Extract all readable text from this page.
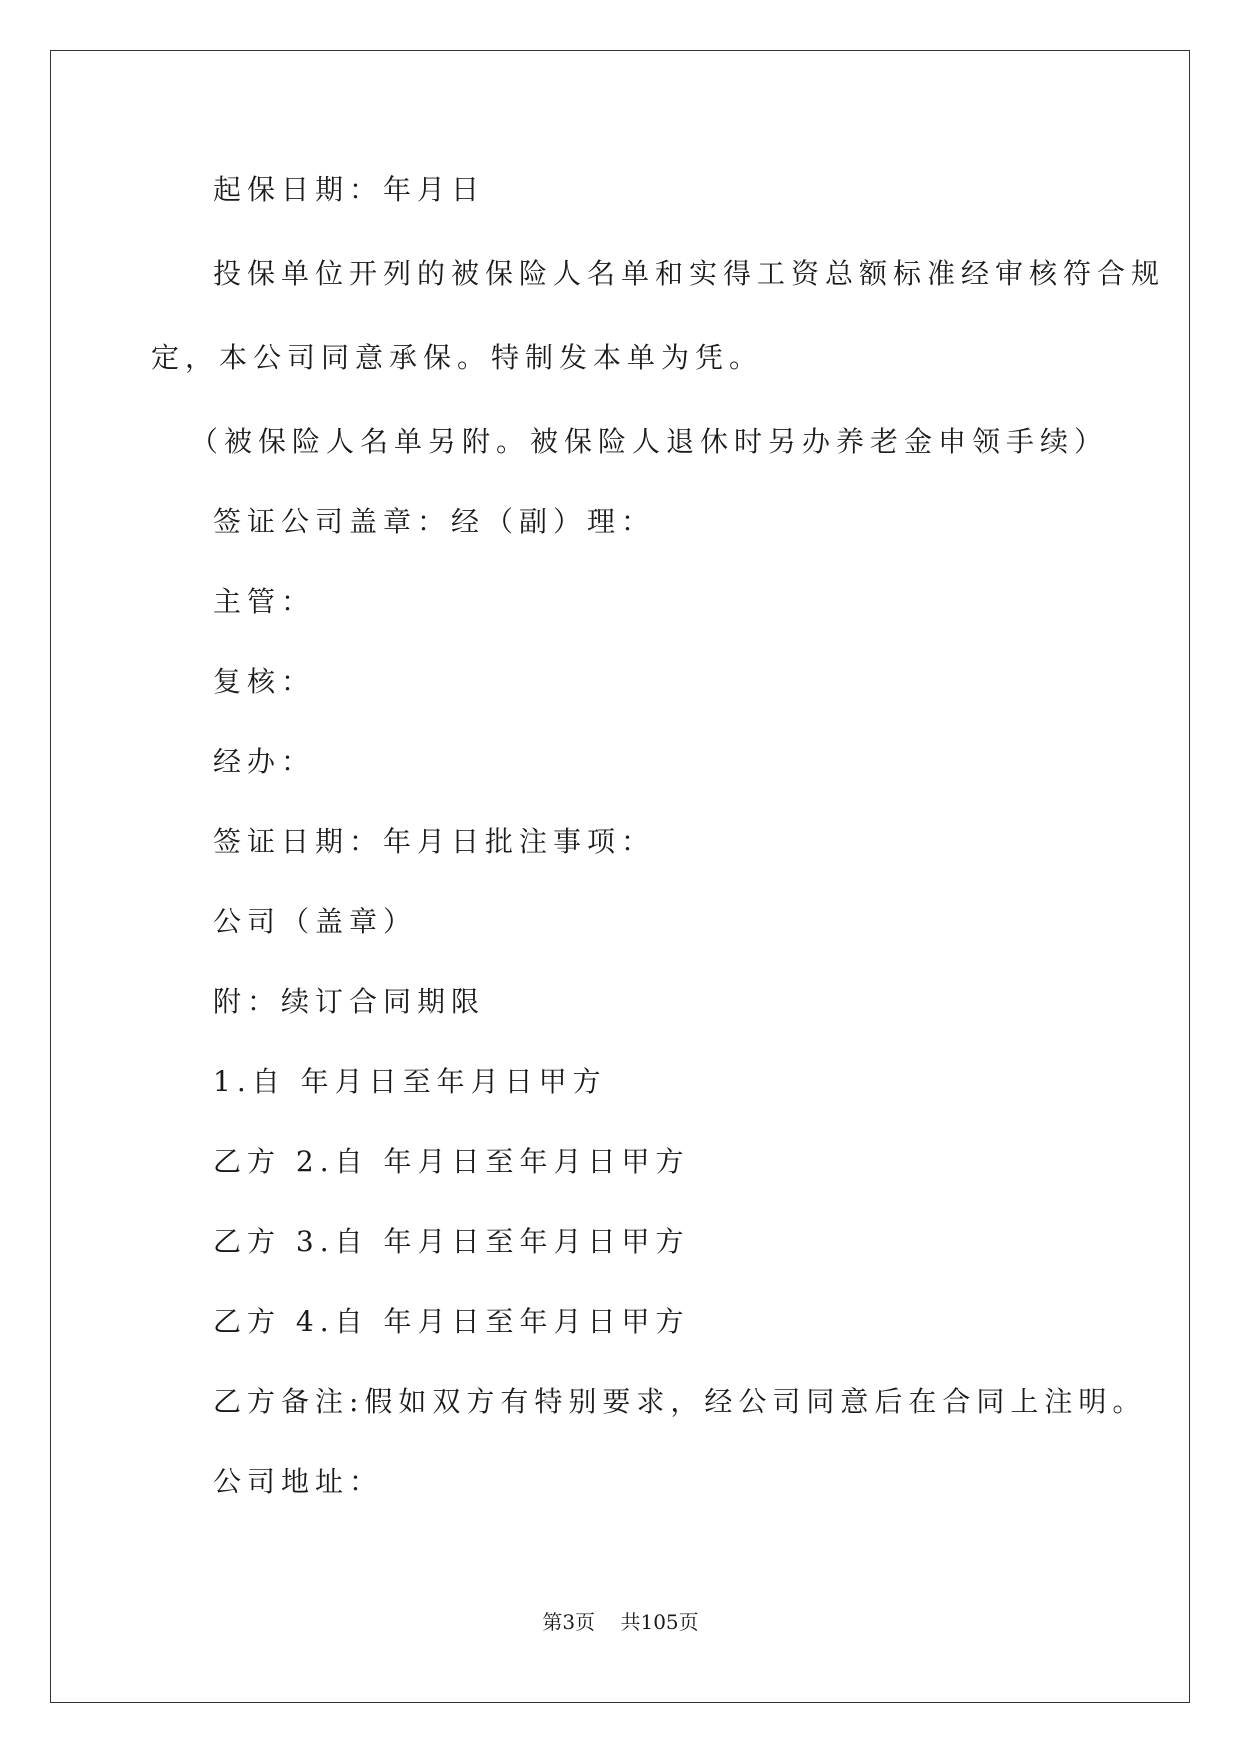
起保日期：年月日
投保单位开列的被保险人名单和实得工资总额标准经审核符合规
定，本公司同意承保。特制发本单为凭。
（被保险人名单另附。被保险人退休时另办养老金申领手续）
签证公司盖章：经（副）理：
主管：
复核：
经办：
签证日期：年月日批注事项：
公司（盖章）
附：续订合同期限
1.自 年月日至年月日甲方
乙方 2.自 年月日至年月日甲方
乙方 3.自 年月日至年月日甲方
乙方 4.自 年月日至年月日甲方
乙方备注:假如双方有特别要求，经公司同意后在合同上注明。
公司地址：
第3页 共105页
